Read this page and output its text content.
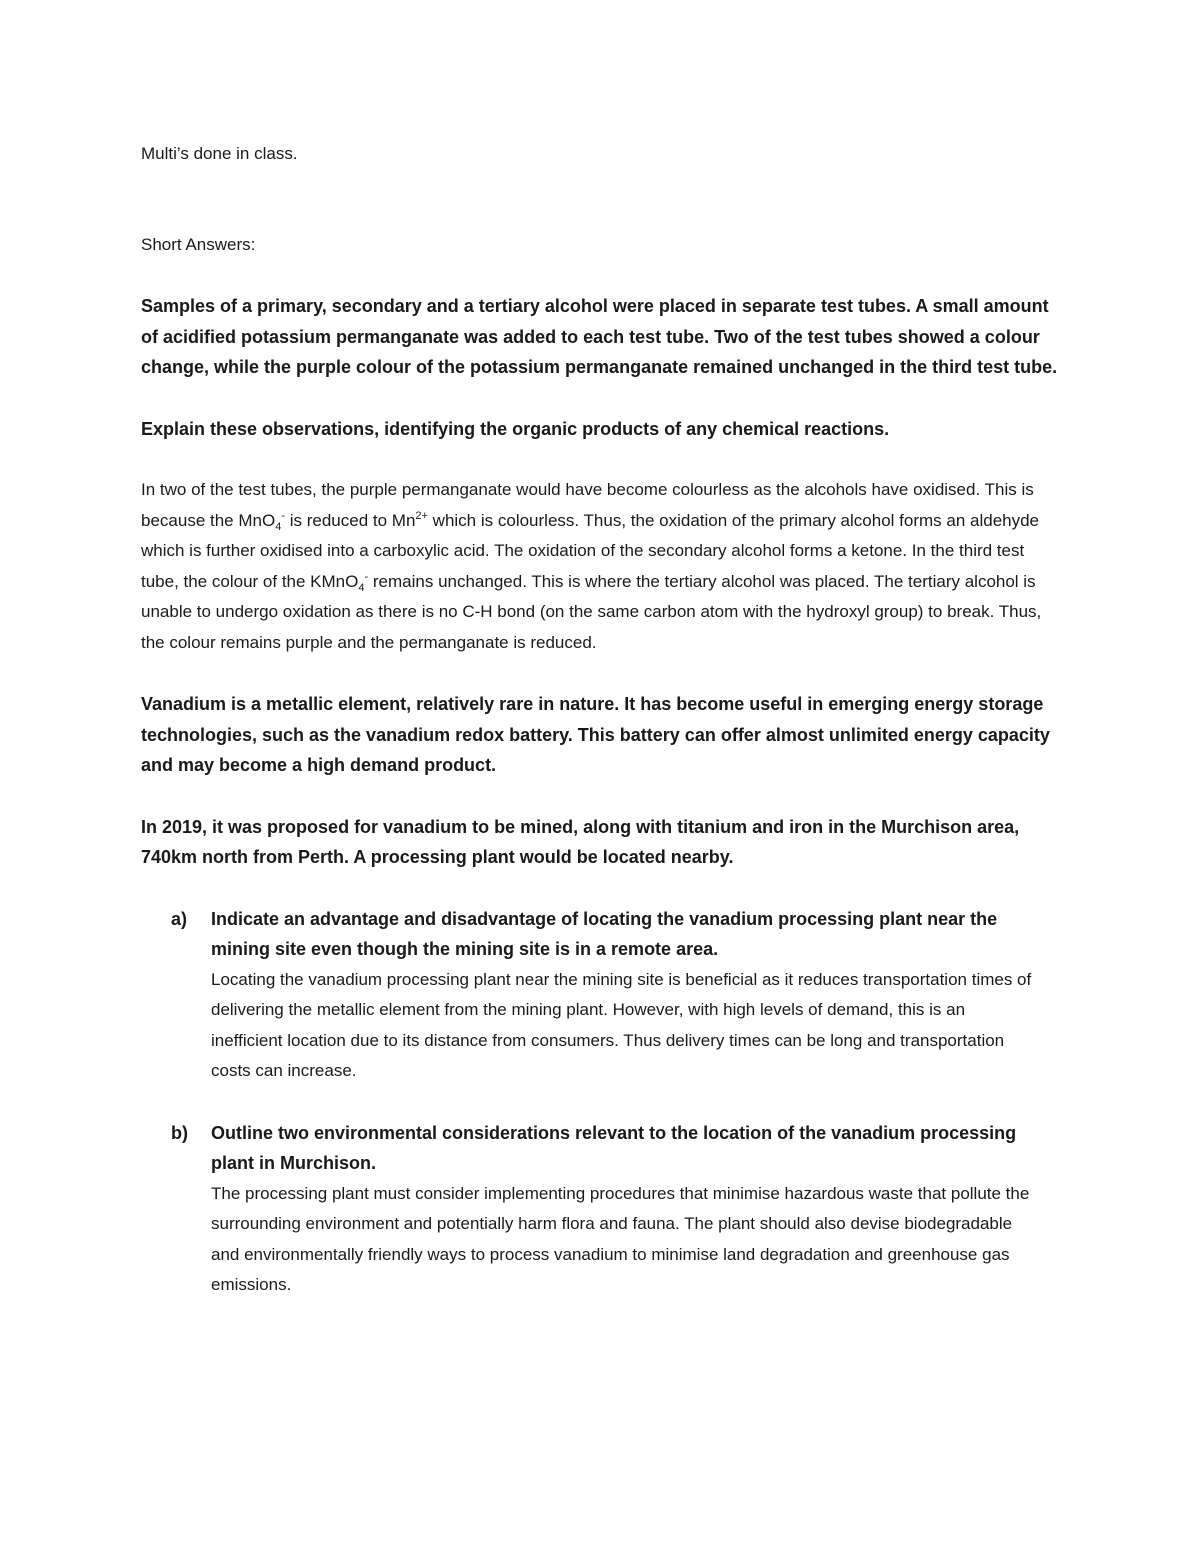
Multi’s done in class.

Short Answers:

Samples of a primary, secondary and a tertiary alcohol were placed in separate test tubes. A small amount of acidified potassium permanganate was added to each test tube. Two of the test tubes showed a colour change, while the purple colour of the potassium permanganate remained unchanged in the third test tube.

Explain these observations, identifying the organic products of any chemical reactions.

In two of the test tubes, the purple permanganate would have become colourless as the alcohols have oxidised. This is because the MnO$_4$- is reduced to $Mn^{2+}$ which is colourless. Thus, the oxidation of the primary alcohol forms an aldehyde which is further oxidised into a carboxylic acid. The oxidation of the secondary alcohol forms a ketone. In the third test tube, the colour of the KMnO$_4$- remains unchanged. This is where the tertiary alcohol was placed. The tertiary alcohol is unable to undergo oxidation as there is no C-H bond (on the same carbon atom with the hydroxyl group) to break. Thus, the colour remains purple and the permanganate is reduced.

Vanadium is a metallic element, relatively rare in nature. It has become useful in emerging energy storage technologies, such as the vanadium redox battery. This battery can offer almost unlimited energy capacity and may become a high demand product.

In 2019, it was proposed for vanadium to be mined, along with titanium and iron in the Murchison area, 740km north from Perth. A processing plant would be located nearby.

a)	Indicate an advantage and disadvantage of locating the vanadium processing plant near the mining site even though the mining site is in a remote area.

Locating the vanadium processing plant near the mining site is beneficial as it reduces transportation times of delivering the metallic element from the mining plant. However, with high levels of demand, this is an inefficient location due to its distance from consumers. Thus delivery times can be long and transportation costs can increase.

b)	Outline two environmental considerations relevant to the location of the vanadium processing plant in Murchison.

The processing plant must consider implementing procedures that minimise hazardous waste that pollute the surrounding environment and potentially harm flora and fauna. The plant should also devise biodegradable and environmentally friendly ways to process vanadium to minimise land degradation and greenhouse gas emissions.
